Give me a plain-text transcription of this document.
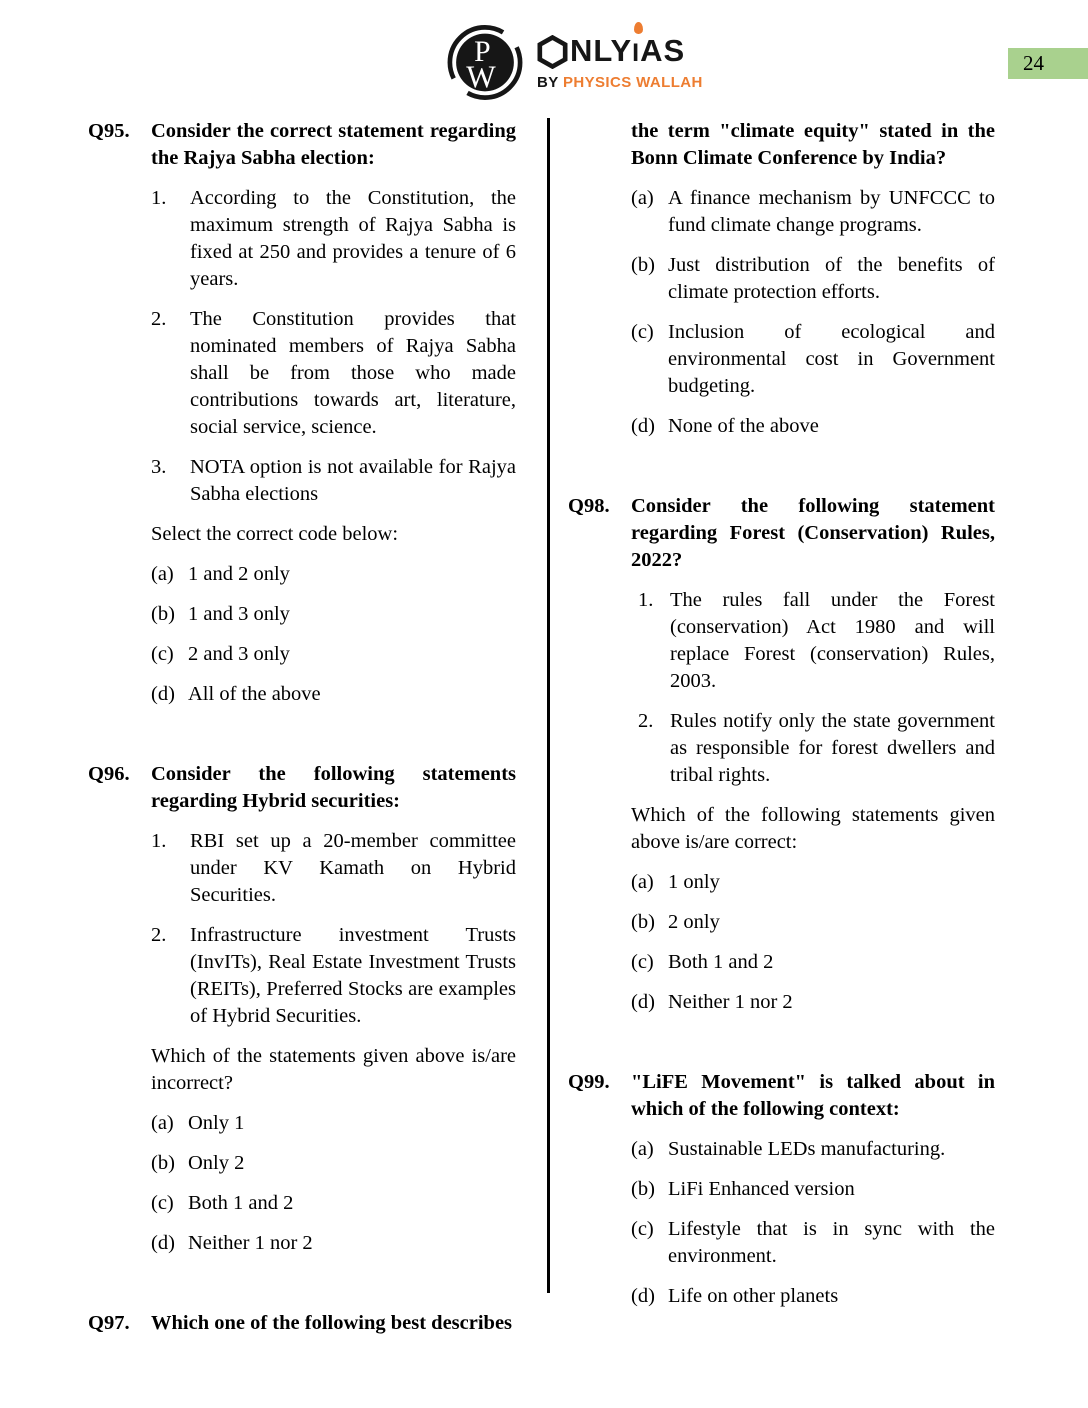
P
W
NLY I AS
BY PHYSICS WALLAH
24
Q95.	Consider the correct statement regarding the Rajya Sabha election:

1.	According to the Constitution, the maximum strength of Rajya Sabha is fixed at 250 and provides a tenure of 6 years.
2.	The Constitution provides that nominated members of Rajya Sabha shall be from those who made contributions towards art, literature, social service, science.
3.	NOTA option is not available for Rajya Sabha elections

Select the correct code below:

(a) 1 and 2 only
(b) 1 and 3 only
(c) 2 and 3 only
(d) All of the above
Q96.	Consider the following statements regarding Hybrid securities:

1.	RBI set up a 20-member committee under KV Kamath on Hybrid Securities.
2.	Infrastructure investment Trusts (InvITs), Real Estate Investment Trusts (REITs), Preferred Stocks are examples of Hybrid Securities.

Which of the statements given above is/are incorrect?

(a) Only 1
(b) Only 2
(c) Both 1 and 2
(d) Neither 1 nor 2
Q97.	Which one of the following best describes

the term "climate equity" stated in the Bonn Climate Conference by India?

(a) A finance mechanism by UNFCCC to fund climate change programs.
(b) Just distribution of the benefits of climate protection efforts.
(c) Inclusion of ecological and environmental cost in Government budgeting.
(d) None of the above
Q98.	Consider the following statement regarding Forest (Conservation) Rules, 2022?

1. The rules fall under the Forest (conservation) Act 1980 and will replace Forest (conservation) Rules, 2003.
2. Rules notify only the state government as responsible for forest dwellers and tribal rights.

Which of the following statements given above is/are correct:

(a) 1 only
(b) 2 only
(c) Both 1 and 2
(d) Neither 1 nor 2
Q99.	"LiFE Movement" is talked about in which of the following context:

(a) Sustainable LEDs manufacturing.
(b) LiFi Enhanced version
(c) Lifestyle that is in sync with the environment.
(d) Life on other planets
